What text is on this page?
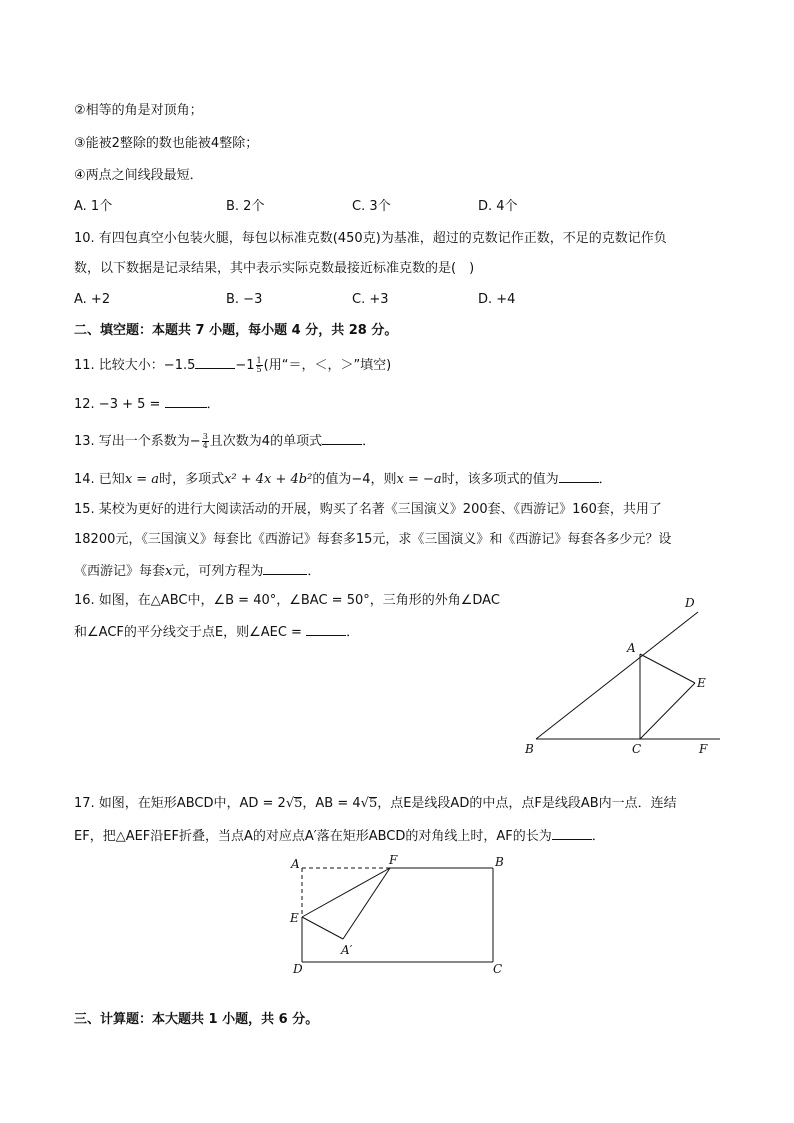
②相等的角是对顶角；
③能被2整除的数也能被4整除；
④两点之间线段最短．
A. 1个	B. 2个	C. 3个	D. 4个
10. 有四包真空小包装火腿，每包以标准克数(450克)为基准，超过的克数记作正数，不足的克数记作负
数，以下数据是记录结果，其中表示实际克数最接近标准克数的是(　)
A. +2	B. −3	C. +3	D. +4
二、填空题：本题共 7 小题，每小题 4 分，共 28 分。
11. 比较大小：−1.5	$-1 \frac{1}{5}$ (用“＝，＜，＞”填空)
12. −3 + 5 =	．
13. 写出一个系数为− $\frac{3}{4}$ 且次数为4的单项式	．
14. 已知x = a时，多项式x² + 4x + 4b²的值为−4，则x = −a时，该多项式的值为	．
15. 某校为更好的进行大阅读活动的开展，购买了名著《三国演义》200套、《西游记》160套，共用了
18200元，《三国演义》每套比《西游记》每套多15元，求《三国演义》和《西游记》每套各多少元？设
《西游记》每套x元，可列方程为	．
16. 如图，在△ABC中，∠B = 40°，∠BAC = 50°，三角形的外角∠DAC
和∠ACF的平分线交于点E，则∠AEC =	．
D
A
E
B	C	F
17. 如图，在矩形ABCD中，AD = 2√5，AB = 4√5，点E是线段AD的中点，点F是线段AB内一点．连结
EF，把△AEF沿EF折叠，当点A的对应点A′落在矩形ABCD的对角线上时，AF的长为	．
A	F	B
E
A′
D	C
三、计算题：本大题共 1 小题，共 6 分。
